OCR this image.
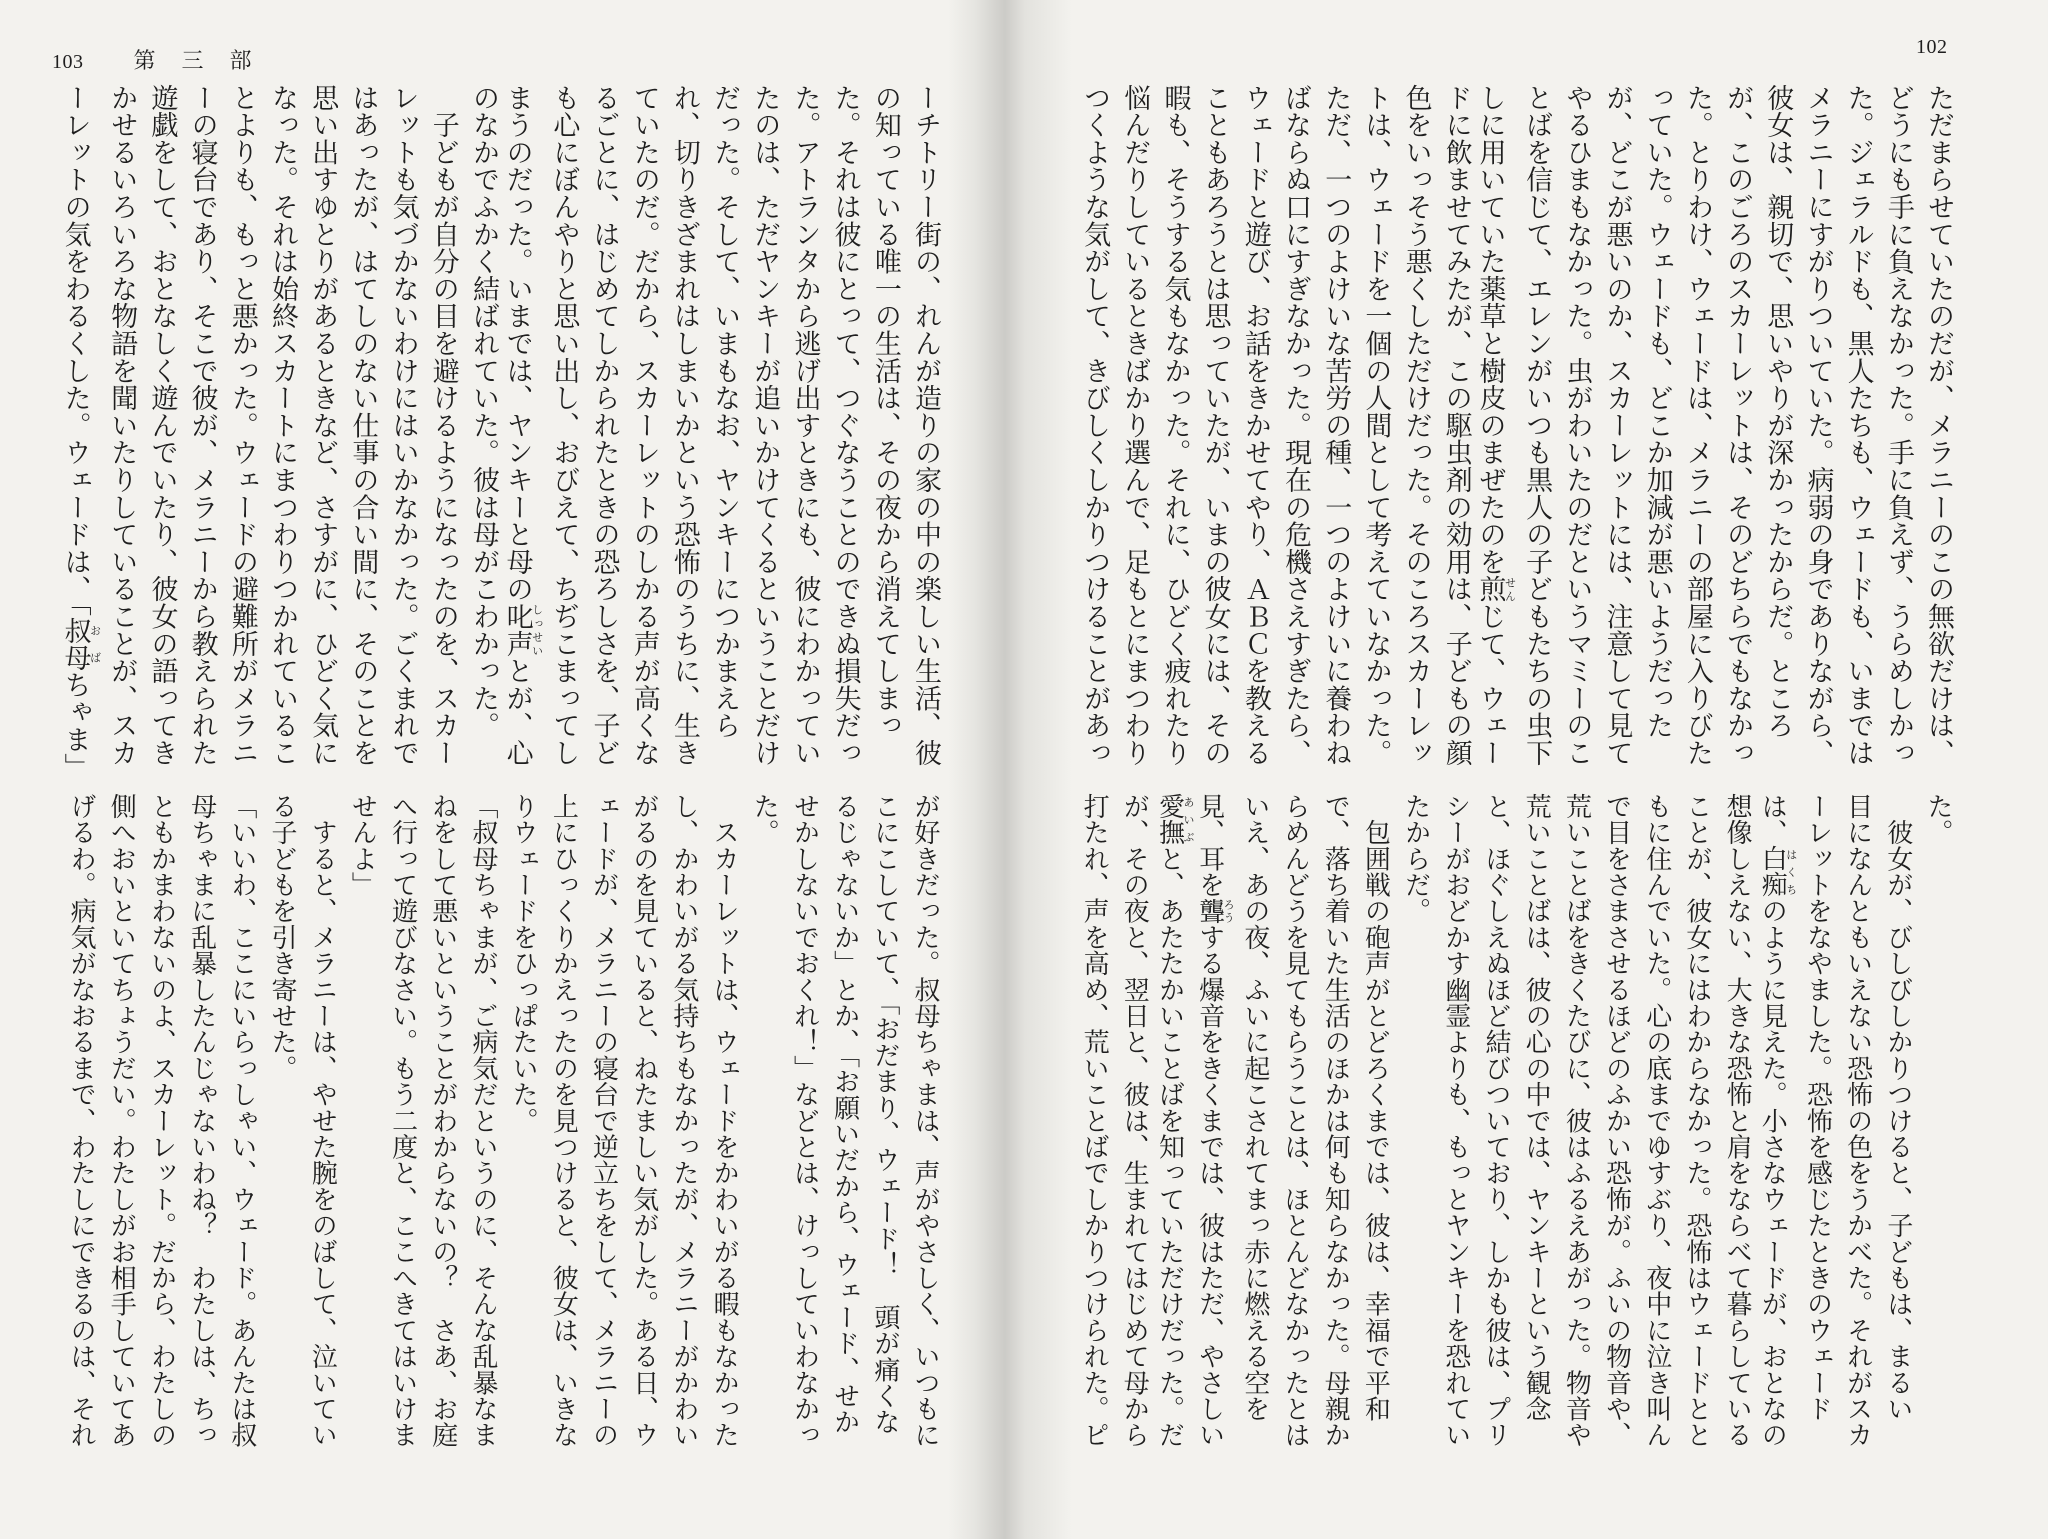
103 第三部
ーチトリー街の、れんが造りの家の中の楽しい生活、彼
の知っている唯一の生活は、その夜から消えてしまっ
た。それは彼にとって、つぐなうことのできぬ損失だっ
た。アトランタから逃げ出すときにも、彼にわかってい
たのは、ただヤンキーが追いかけてくるということだけ
だった。そして、いまもなお、ヤンキーにつかまえら
れ、切りきざまれはしまいかという恐怖のうちに、生き
ていたのだ。だから、スカーレットのしかる声が高くな
るごとに、はじめてしかられたときの恐ろしさを、子ど
も心にぼんやりと思い出し、おびえて、ちぢこまってし
まうのだった。いまでは、ヤンキーと母の叱声しっせいとが、心
のなかでふかく結ばれていた。彼は母がこわかった。
　子どもが自分の目を避けるようになったのを、スカー
レットも気づかないわけにはいかなかった。ごくまれで
はあったが、はてしのない仕事の合い間に、そのことを
思い出すゆとりがあるときなど、さすがに、ひどく気に
なった。それは始終スカートにまつわりつかれているこ
とよりも、もっと悪かった。ウェードの避難所がメラニ
ーの寝台であり、そこで彼が、メラニーから教えられた
遊戯をして、おとなしく遊んでいたり、彼女の語ってき
かせるいろいろな物語を聞いたりしていることが、スカ
ーレットの気をわるくした。ウェードは、「叔母おばちゃま」
が好きだった。叔母ちゃまは、声がやさしく、いつもに
こにこしていて、「おだまり、ウェード！　頭が痛くな
るじゃないか」とか、「お願いだから、ウェード、せか
せかしないでおくれ！」などとは、けっしていわなかっ
た。
　スカーレットは、ウェードをかわいがる暇もなかった
し、かわいがる気持ちもなかったが、メラニーがかわい
がるのを見ていると、ねたましい気がした。ある日、ウ
ェードが、メラニーの寝台で逆立ちをして、メラニーの
上にひっくりかえったのを見つけると、彼女は、いきな
りウェードをひっぱたいた。
「叔母ちゃまが、ご病気だというのに、そんな乱暴なま
ねをして悪いということがわからないの？　さあ、お庭
へ行って遊びなさい。もう二度と、ここへきてはいけま
せんよ」
　すると、メラニーは、やせた腕をのばして、泣いてい
る子どもを引き寄せた。
「いいわ、ここにいらっしゃい、ウェード。あんたは叔
母ちゃまに乱暴したんじゃないわね？　わたしは、ちっ
ともかまわないのよ、スカーレット。だから、わたしの
側へおいといてちょうだい。わたしがお相手していてあ
げるわ。病気がなおるまで、わたしにできるのは、それ
102
ただまらせていたのだが、メラニーのこの無欲だけは、
どうにも手に負えなかった。手に負えず、うらめしかっ
た。ジェラルドも、黒人たちも、ウェードも、いまでは
メラニーにすがりついていた。病弱の身でありながら、
彼女は、親切で、思いやりが深かったからだ。ところ
が、このごろのスカーレットは、そのどちらでもなかっ
た。とりわけ、ウェードは、メラニーの部屋に入りびた
っていた。ウェードも、どこか加減が悪いようだった
が、どこが悪いのか、スカーレットには、注意して見て
やるひまもなかった。虫がわいたのだというマミーのこ
とばを信じて、エレンがいつも黒人の子どもたちの虫下
しに用いていた薬草と樹皮のまぜたのを煎せんじて、ウェー
ドに飲ませてみたが、この駆虫剤の効用は、子どもの顔
色をいっそう悪くしただけだった。そのころスカーレッ
トは、ウェードを一個の人間として考えていなかった。
ただ、一つのよけいな苦労の種、一つのよけいに養わね
ばならぬ口にすぎなかった。現在の危機さえすぎたら、
ウェードと遊び、お話をきかせてやり、ＡＢＣを教える
こともあろうとは思っていたが、いまの彼女には、その
暇も、そうする気もなかった。それに、ひどく疲れたり
悩んだりしているときばかり選んで、足もとにまつわり
つくような気がして、きびしくしかりつけることがあっ
た。
　彼女が、びしびしかりつけると、子どもは、まるい
目になんともいえない恐怖の色をうかべた。それがスカ
ーレットをなやました。恐怖を感じたときのウェード
は、白痴はくちのように見えた。小さなウェードが、おとなの
想像しえない、大きな恐怖と肩をならべて暮らしている
ことが、彼女にはわからなかった。恐怖はウェードとと
もに住んでいた。心の底までゆすぶり、夜中に泣き叫ん
で目をさまさせるほどのふかい恐怖が。ふいの物音や、
荒いことばをきくたびに、彼はふるえあがった。物音や
荒いことばは、彼の心の中では、ヤンキーという観念
と、ほぐしえぬほど結びついており、しかも彼は、プリ
シーがおどかす幽霊よりも、もっとヤンキーを恐れてい
たからだ。
　包囲戦の砲声がとどろくまでは、彼は、幸福で平和
で、落ち着いた生活のほかは何も知らなかった。母親か
らめんどうを見てもらうことは、ほとんどなかったとは
いえ、あの夜、ふいに起こされてまっ赤に燃える空を
見、耳を聾ろうする爆音をきくまでは、彼はただ、やさしい
愛撫あいぶと、あたたかいことばを知っていただけだった。だ
が、その夜と、翌日と、彼は、生まれてはじめて母から
打たれ、声を高め、荒いことばでしかりつけられた。ピ
